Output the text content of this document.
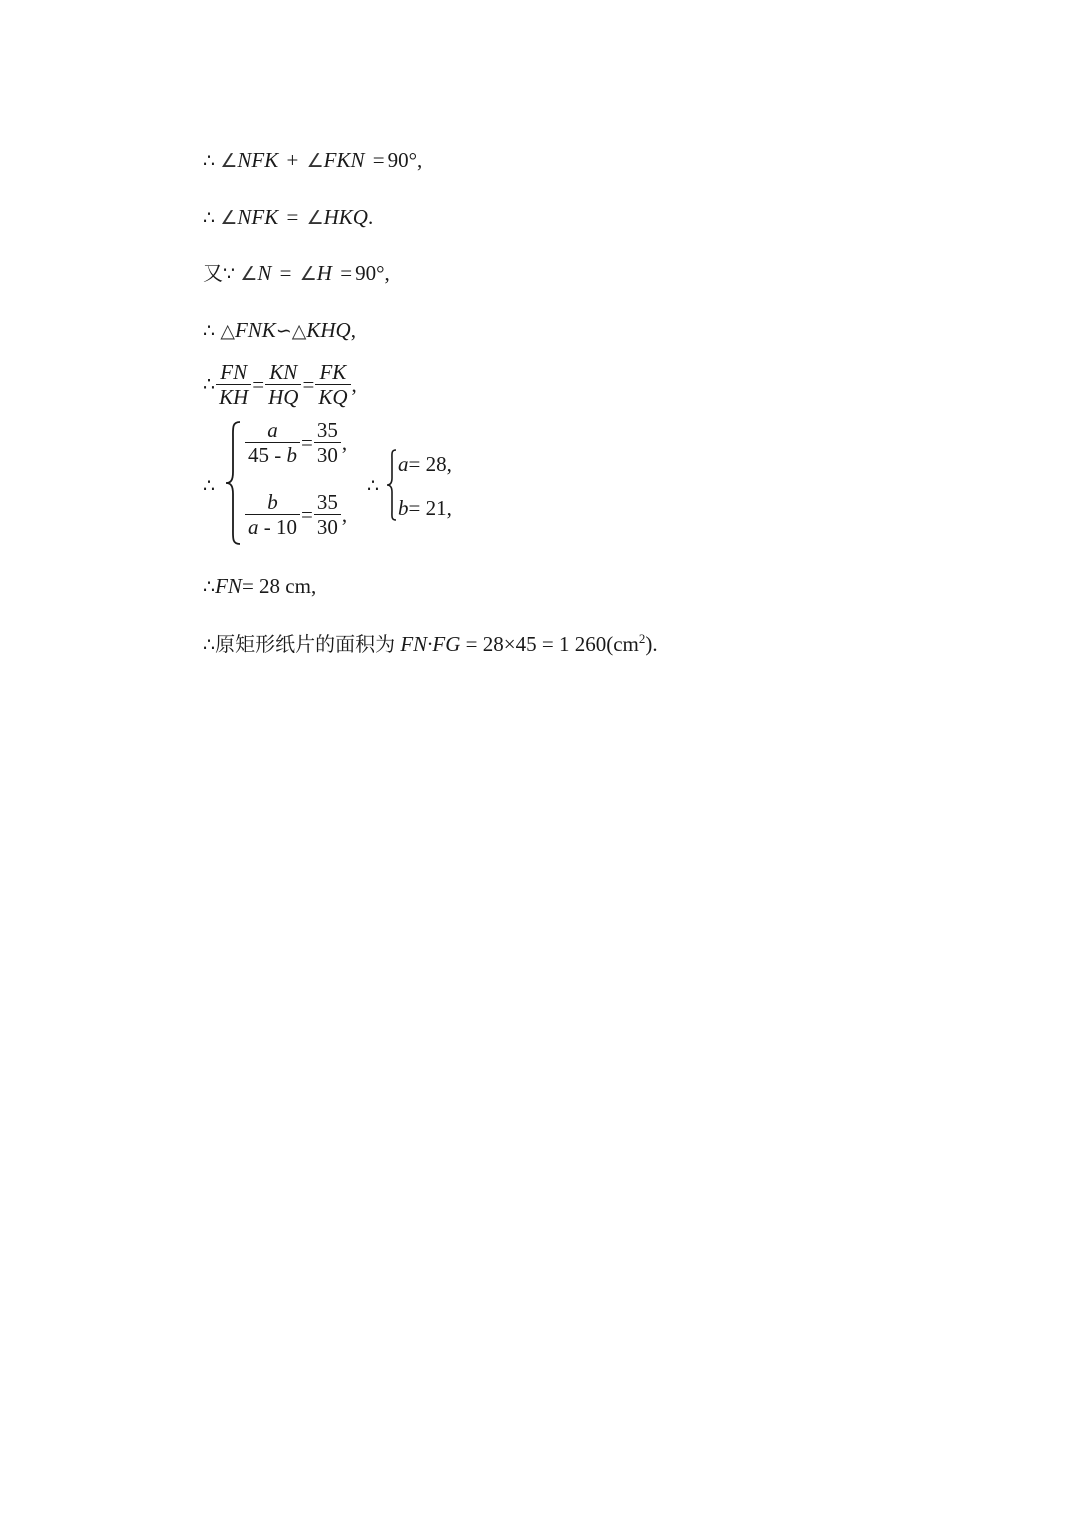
∴ ∠NFK + ∠FKN = 90°,
∴ ∠NFK = ∠HKQ.
又∵ ∠N = ∠H = 90°,
∴ △FNK∽△KHQ,
∴ $\frac{FN}{KH} = \frac{KN}{HQ} = \frac{FK}{KQ}$ ,
∴
$\frac{a}{45 - b} = \frac{35}{30}$ ,
$\frac{b}{a - 10} = \frac{35}{30}$ ,
∴
a= 28,
b= 21,
∴FN= 28 cm,
∴原矩形纸片的面积为 FN·FG = 28×45 = 1 $260(cm^2)$.
